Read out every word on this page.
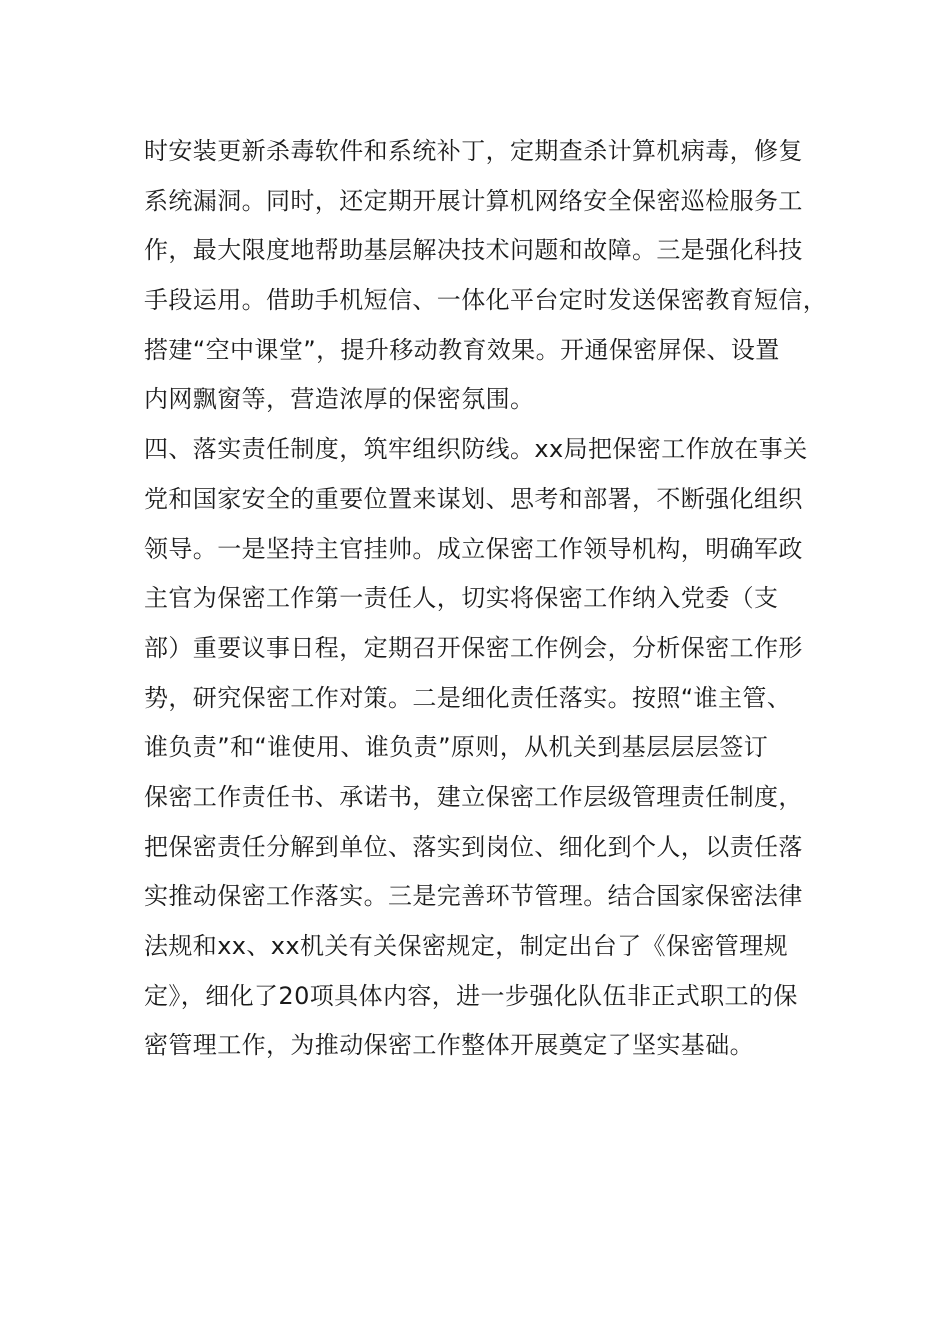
时安装更新杀毒软件和系统补丁，定期查杀计算机病毒，修复
系统漏洞。同时，还定期开展计算机网络安全保密巡检服务工
作，最大限度地帮助基层解决技术问题和故障。三是强化科技
手段运用。借助手机短信、一体化平台定时发送保密教育短信，
搭建“空中课堂”，提升移动教育效果。开通保密屏保、设置
内网飘窗等，营造浓厚的保密氛围。
四、落实责任制度，筑牢组织防线。xx局把保密工作放在事关
党和国家安全的重要位置来谋划、思考和部署，不断强化组织
领导。一是坚持主官挂帅。成立保密工作领导机构，明确军政
主官为保密工作第一责任人，切实将保密工作纳入党委（支
部）重要议事日程，定期召开保密工作例会，分析保密工作形
势，研究保密工作对策。二是细化责任落实。按照“谁主管、
谁负责”和“谁使用、谁负责”原则，从机关到基层层层签订
保密工作责任书、承诺书，建立保密工作层级管理责任制度，
把保密责任分解到单位、落实到岗位、细化到个人，以责任落
实推动保密工作落实。三是完善环节管理。结合国家保密法律
法规和xx、xx机关有关保密规定，制定出台了《保密管理规
定》，细化了20项具体内容，进一步强化队伍非正式职工的保
密管理工作，为推动保密工作整体开展奠定了坚实基础。
